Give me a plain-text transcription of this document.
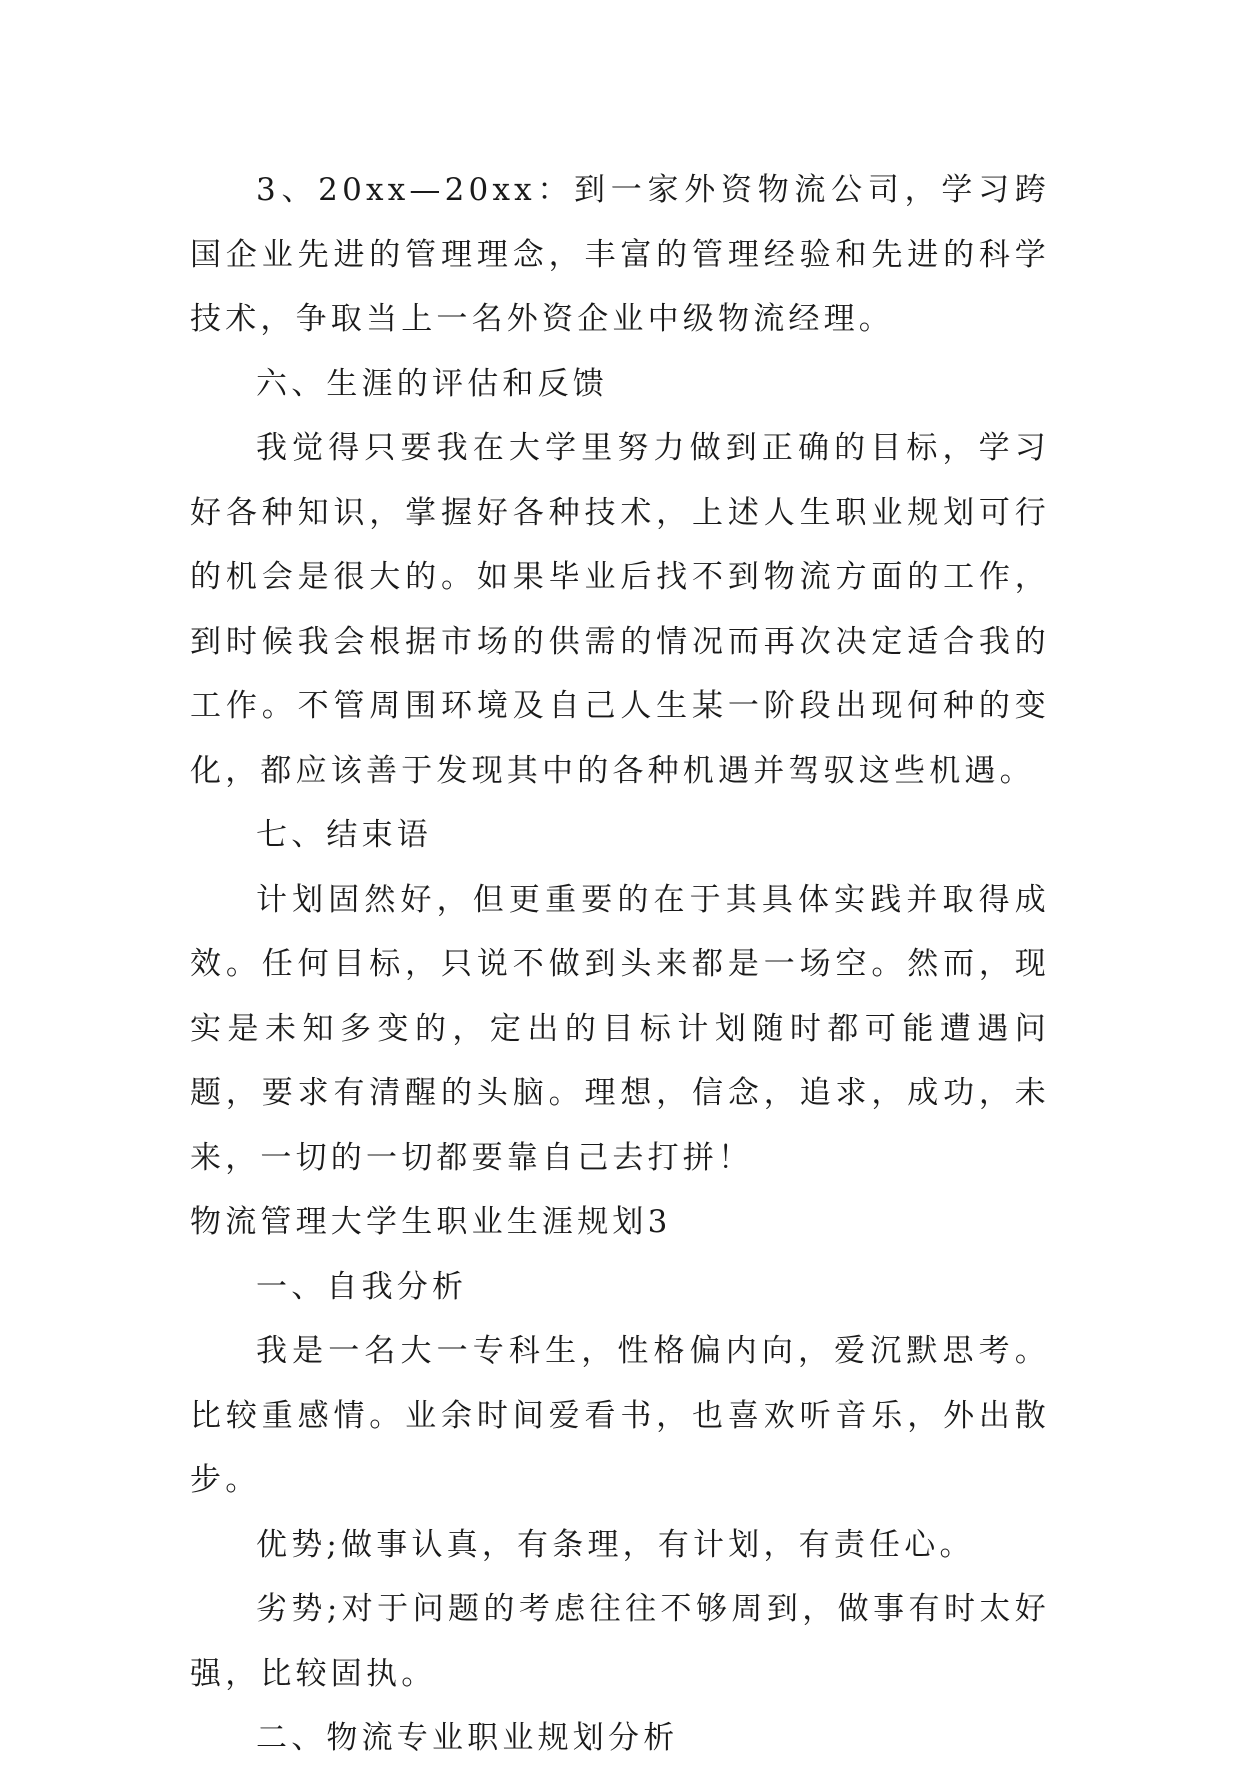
3、20xx—20xx：到一家外资物流公司，学习跨国企业先进的管理理念，丰富的管理经验和先进的科学技术，争取当上一名外资企业中级物流经理。

六、生涯的评估和反馈

我觉得只要我在大学里努力做到正确的目标，学习好各种知识，掌握好各种技术，上述人生职业规划可行的机会是很大的。如果毕业后找不到物流方面的工作，到时候我会根据市场的供需的情况而再次决定适合我的工作。不管周围环境及自己人生某一阶段出现何种的变化，都应该善于发现其中的各种机遇并驾驭这些机遇。

七、结束语

计划固然好，但更重要的在于其具体实践并取得成效。任何目标，只说不做到头来都是一场空。然而，现实是未知多变的，定出的目标计划随时都可能遭遇问题，要求有清醒的头脑。理想，信念，追求，成功，未来，一切的一切都要靠自己去打拼！

物流管理大学生职业生涯规划3

一、自我分析

我是一名大一专科生，性格偏内向，爱沉默思考。比较重感情。业余时间爱看书，也喜欢听音乐，外出散步。

优势;做事认真，有条理，有计划，有责任心。

劣势;对于问题的考虑往往不够周到，做事有时太好强，比较固执。

二、物流专业职业规划分析
